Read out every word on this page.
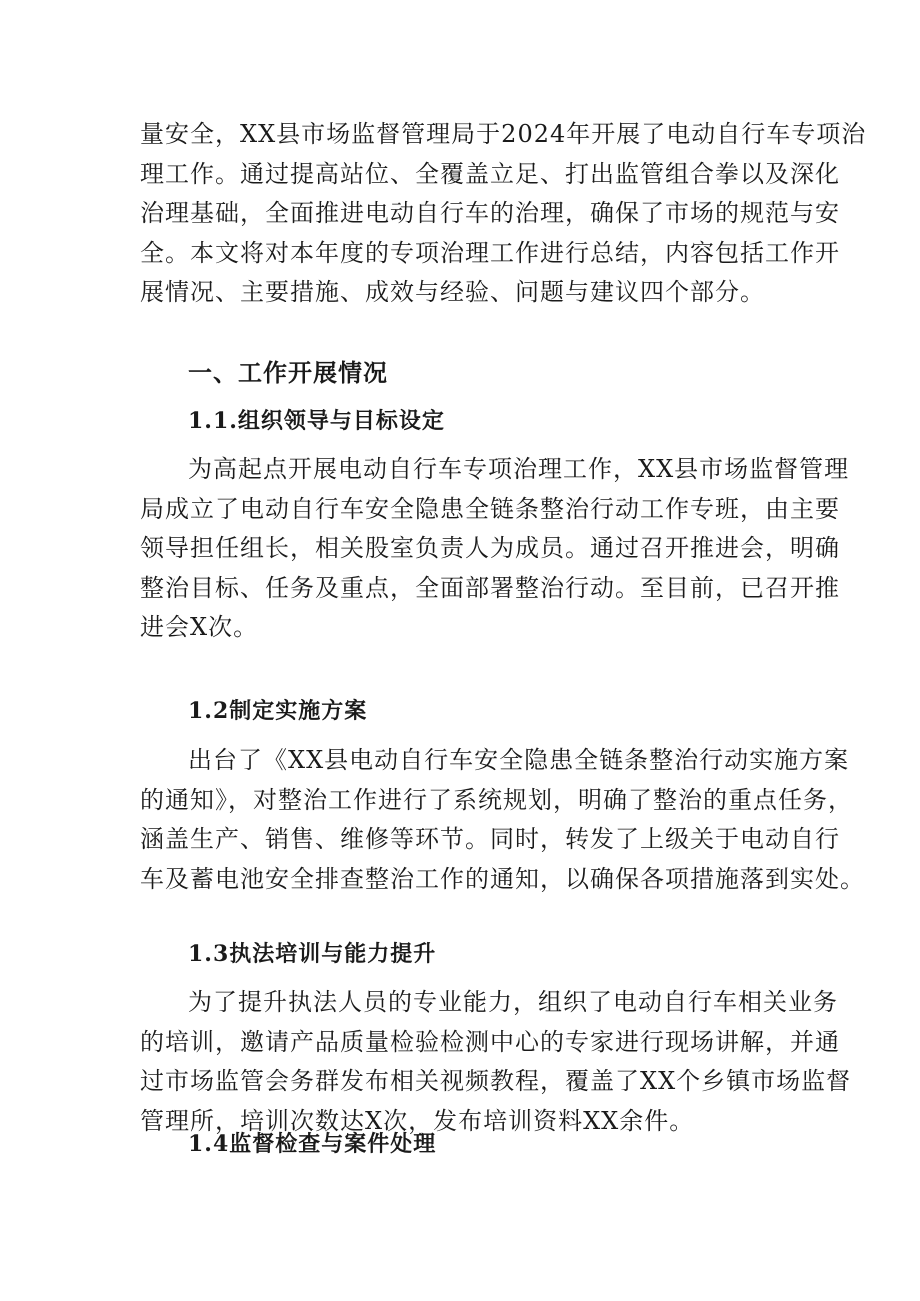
量安全，XX县市场监督管理局于2024年开展了电动自行车专项治
理工作。通过提高站位、全覆盖立足、打出监管组合拳以及深化
治理基础，全面推进电动自行车的治理，确保了市场的规范与安
全。本文将对本年度的专项治理工作进行总结，内容包括工作开
展情况、主要措施、成效与经验、问题与建议四个部分。
一、工作开展情况
1.1.组织领导与目标设定
为高起点开展电动自行车专项治理工作，XX县市场监督管理
局成立了电动自行车安全隐患全链条整治行动工作专班，由主要
领导担任组长，相关股室负责人为成员。通过召开推进会，明确
整治目标、任务及重点，全面部署整治行动。至目前，已召开推
进会X次。
1.2制定实施方案
出台了《XX县电动自行车安全隐患全链条整治行动实施方案
的通知》，对整治工作进行了系统规划，明确了整治的重点任务，
涵盖生产、销售、维修等环节。同时，转发了上级关于电动自行
车及蓄电池安全排查整治工作的通知，以确保各项措施落到实处。
1.3执法培训与能力提升
为了提升执法人员的专业能力，组织了电动自行车相关业务
的培训，邀请产品质量检验检测中心的专家进行现场讲解，并通
过市场监管会务群发布相关视频教程，覆盖了XX个乡镇市场监督
管理所，培训次数达X次，发布培训资料XX余件。
1.4监督检查与案件处理
